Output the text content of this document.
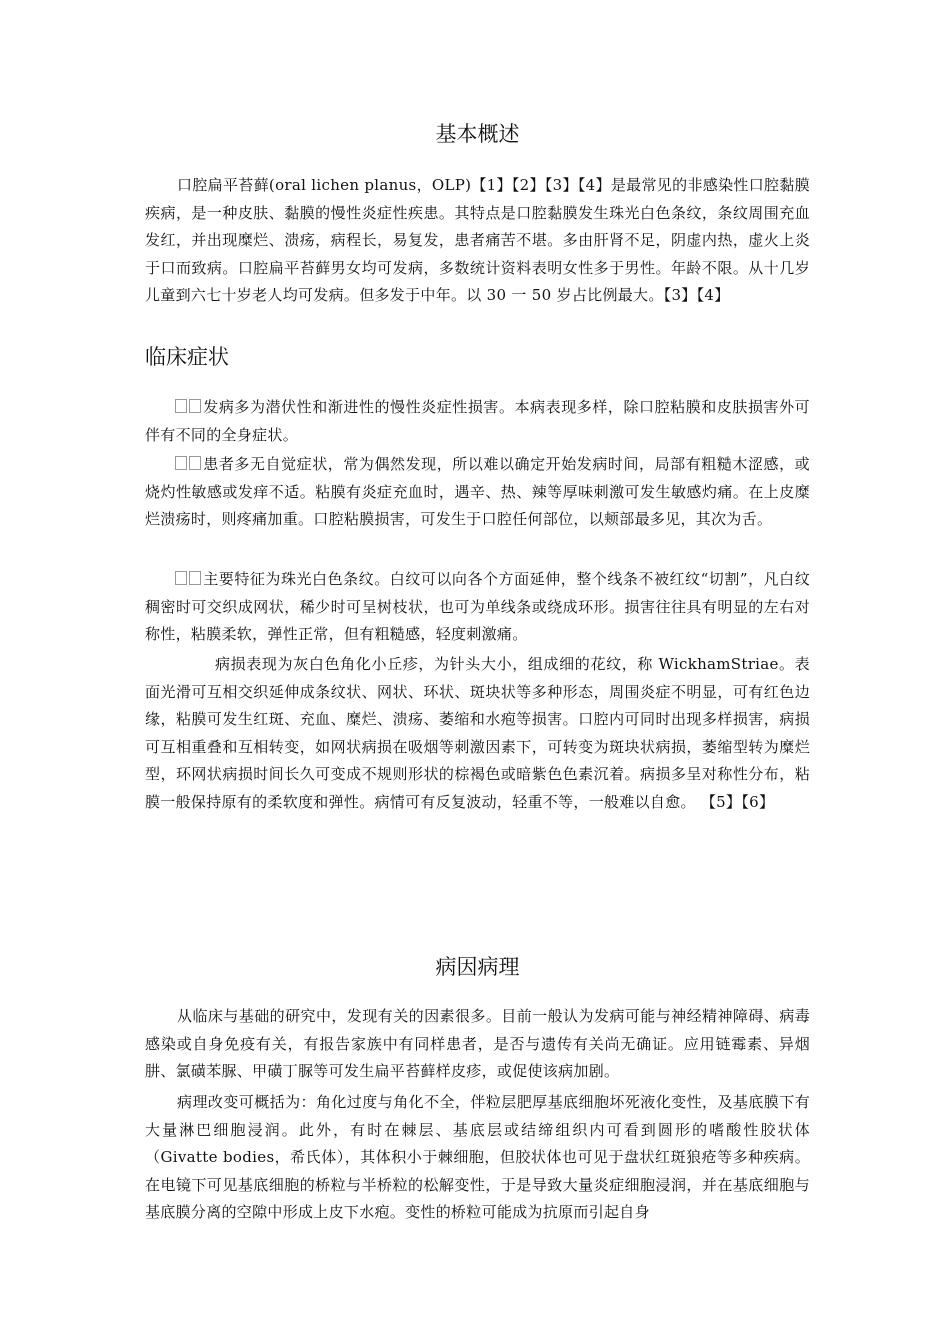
基本概述

口腔扁平苔藓(oral lichen planus，OLP)【1】【2】【3】【4】是最常见的非感染性口腔黏膜疾病，是一种皮肤、黏膜的慢性炎症性疾患。其特点是口腔黏膜发生珠光白色条纹，条纹周围充血发红，并出现糜烂、溃疡，病程长，易复发，患者痛苦不堪。多由肝肾不足，阴虚内热，虚火上炎于口而致病。口腔扁平苔藓男女均可发病，多数统计资料表明女性多于男性。年龄不限。从十几岁儿童到六七十岁老人均可发病。但多发于中年。以 30 一 50 岁占比例最大。【3】【4】

临床症状

发病多为潜伏性和渐进性的慢性炎症性损害。本病表现多样，除口腔粘膜和皮肤损害外可伴有不同的全身症状。

患者多无自觉症状，常为偶然发现，所以难以确定开始发病时间，局部有粗糙木涩感，或烧灼性敏感或发痒不适。粘膜有炎症充血时，遇辛、热、辣等厚味刺激可发生敏感灼痛。在上皮糜烂溃疡时，则疼痛加重。口腔粘膜损害，可发生于口腔任何部位，以颊部最多见，其次为舌。

主要特征为珠光白色条纹。白纹可以向各个方面延伸，整个线条不被红纹“切割”，凡白纹稠密时可交织成网状，稀少时可呈树枝状，也可为单线条或绕成环形。损害往往具有明显的左右对称性，粘膜柔软，弹性正常，但有粗糙感，轻度刺激痛。

病损表现为灰白色角化小丘疹，为针头大小，组成细的花纹，称 WickhamStriae。表面光滑可互相交织延伸成条纹状、网状、环状、斑块状等多种形态，周围炎症不明显，可有红色边缘，粘膜可发生红斑、充血、糜烂、溃疡、萎缩和水疱等损害。口腔内可同时出现多样损害，病损可互相重叠和互相转变，如网状病损在吸烟等刺激因素下，可转变为斑块状病损，萎缩型转为糜烂型，环网状病损时间长久可变成不规则形状的棕褐色或暗紫色色素沉着。病损多呈对称性分布，粘膜一般保持原有的柔软度和弹性。病情可有反复波动，轻重不等，一般难以自愈。 【5】【6】

病因病理

从临床与基础的研究中，发现有关的因素很多。目前一般认为发病可能与神经精神障碍、病毒感染或自身免疫有关，有报告家族中有同样患者，是否与遗传有关尚无确证。应用链霉素、异烟肼、氯磺苯脲、甲磺丁脲等可发生扁平苔藓样皮疹，或促使该病加剧。

病理改变可概括为：角化过度与角化不全，伴粒层肥厚基底细胞坏死液化变性，及基底膜下有大量淋巴细胞浸润。此外，有时在棘层、基底层或结缔组织内可看到圆形的嗜酸性胶状体（Givatte bodies，希氏体），其体积小于棘细胞，但胶状体也可见于盘状红斑狼疮等多种疾病。在电镜下可见基底细胞的桥粒与半桥粒的松解变性，于是导致大量炎症细胞浸润，并在基底细胞与基底膜分离的空隙中形成上皮下水疱。变性的桥粒可能成为抗原而引起自身
